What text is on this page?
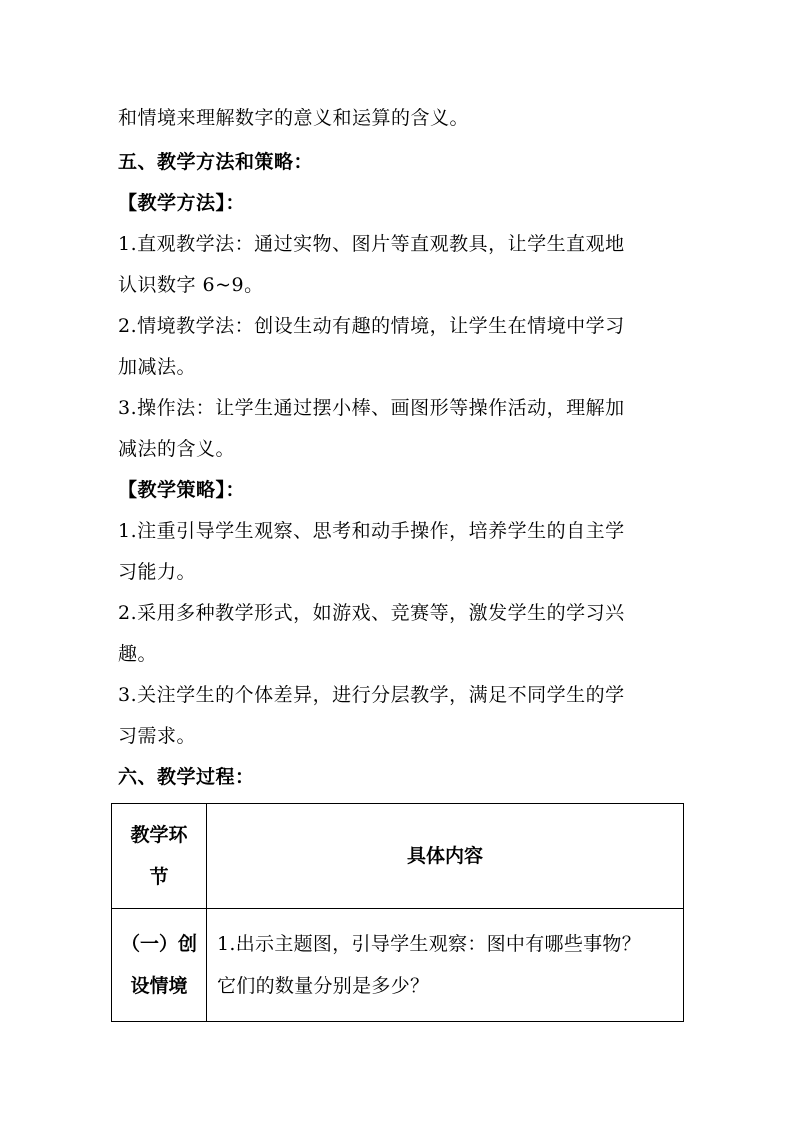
和情境来理解数字的意义和运算的含义。
五、教学方法和策略：
【教学方法】：
1.直观教学法：通过实物、图片等直观教具，让学生直观地
认识数字 6~9。
2.情境教学法：创设生动有趣的情境，让学生在情境中学习
加减法。
3.操作法：让学生通过摆小棒、画图形等操作活动，理解加
减法的含义。
【教学策略】：
1.注重引导学生观察、思考和动手操作，培养学生的自主学
习能力。
2.采用多种教学形式，如游戏、竞赛等，激发学生的学习兴
趣。
3.关注学生的个体差异，进行分层教学，满足不同学生的学
习需求。
六、教学过程：
教学环
节	具体内容

（一）创
设情境	1.出示主题图，引导学生观察：图中有哪些事物？
它们的数量分别是多少？
